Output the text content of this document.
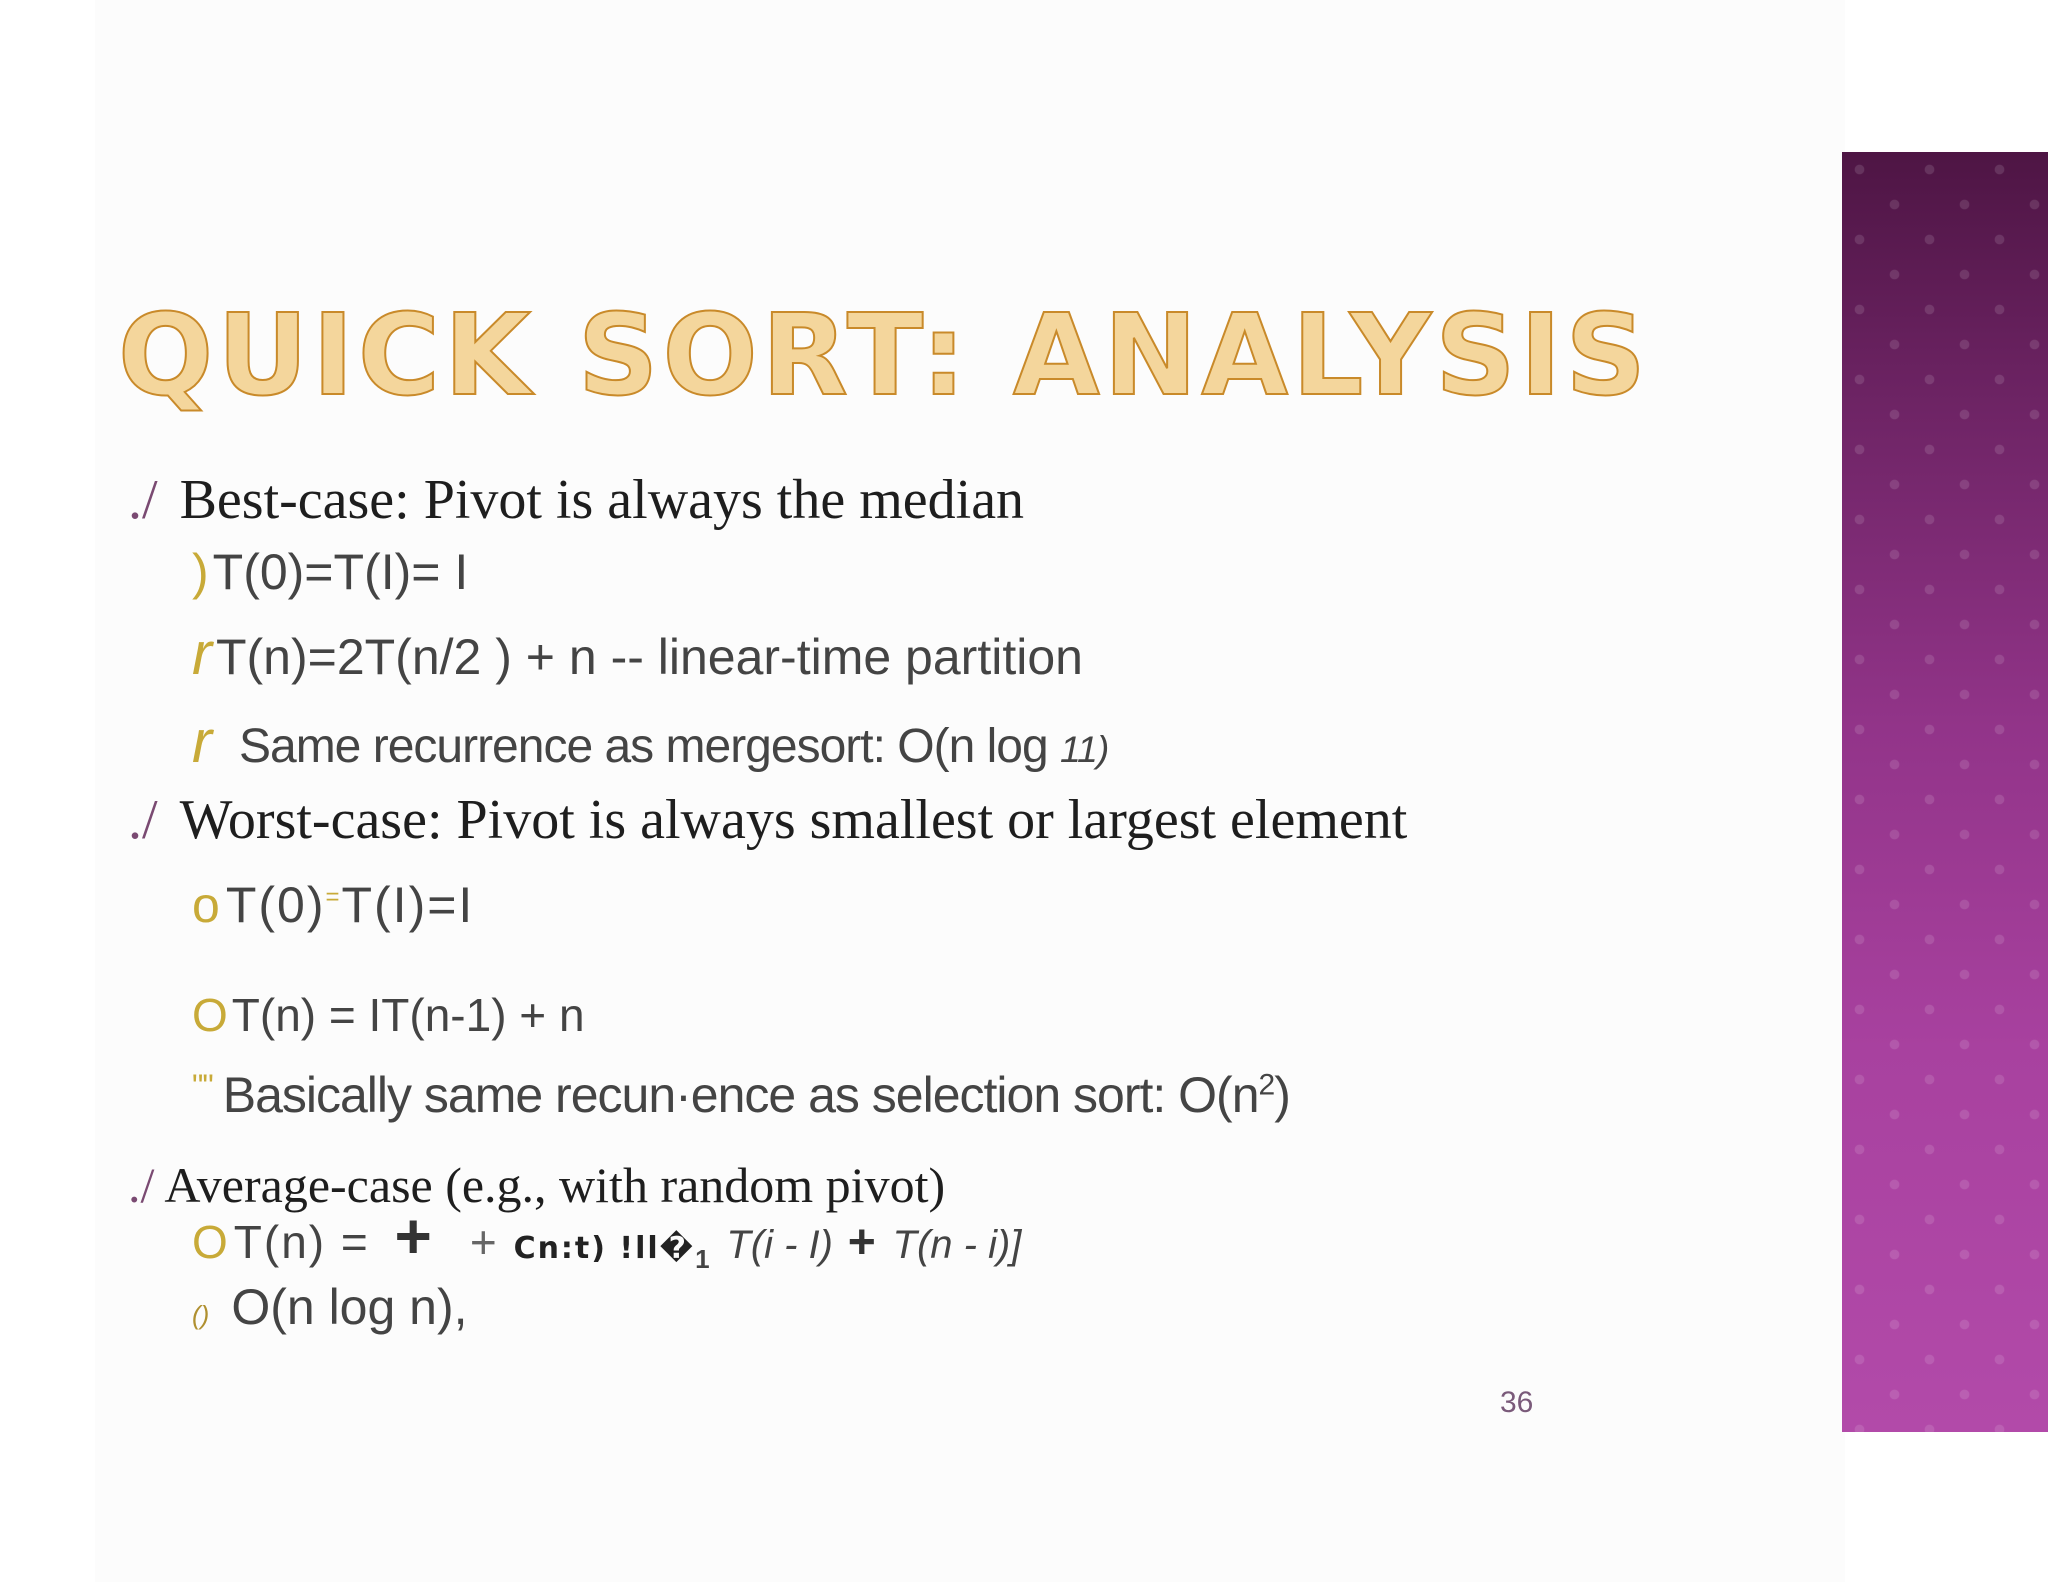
QUICK SORT: ANALYSIS
./ Best-case: Pivot is always the median
)T(0)=T(I)= I
rT(n)=2T(n/2 ) + n -- linear-time partition
r Same recurrence as mergesort: O(n log 11)
./ Worst-case: Pivot is always smallest or largest element
oT(0)=T(I)=I
OT(n) = IT(n-1) + n
"" Basically same recun·ence as selection sort: $O(n^2)$
./ Average-case (e.g., with random pivot)
OT(n) = + + Cn:t) $!ll�_1$ T(i - I) + T(n - i)]
() O(n log n),
36
